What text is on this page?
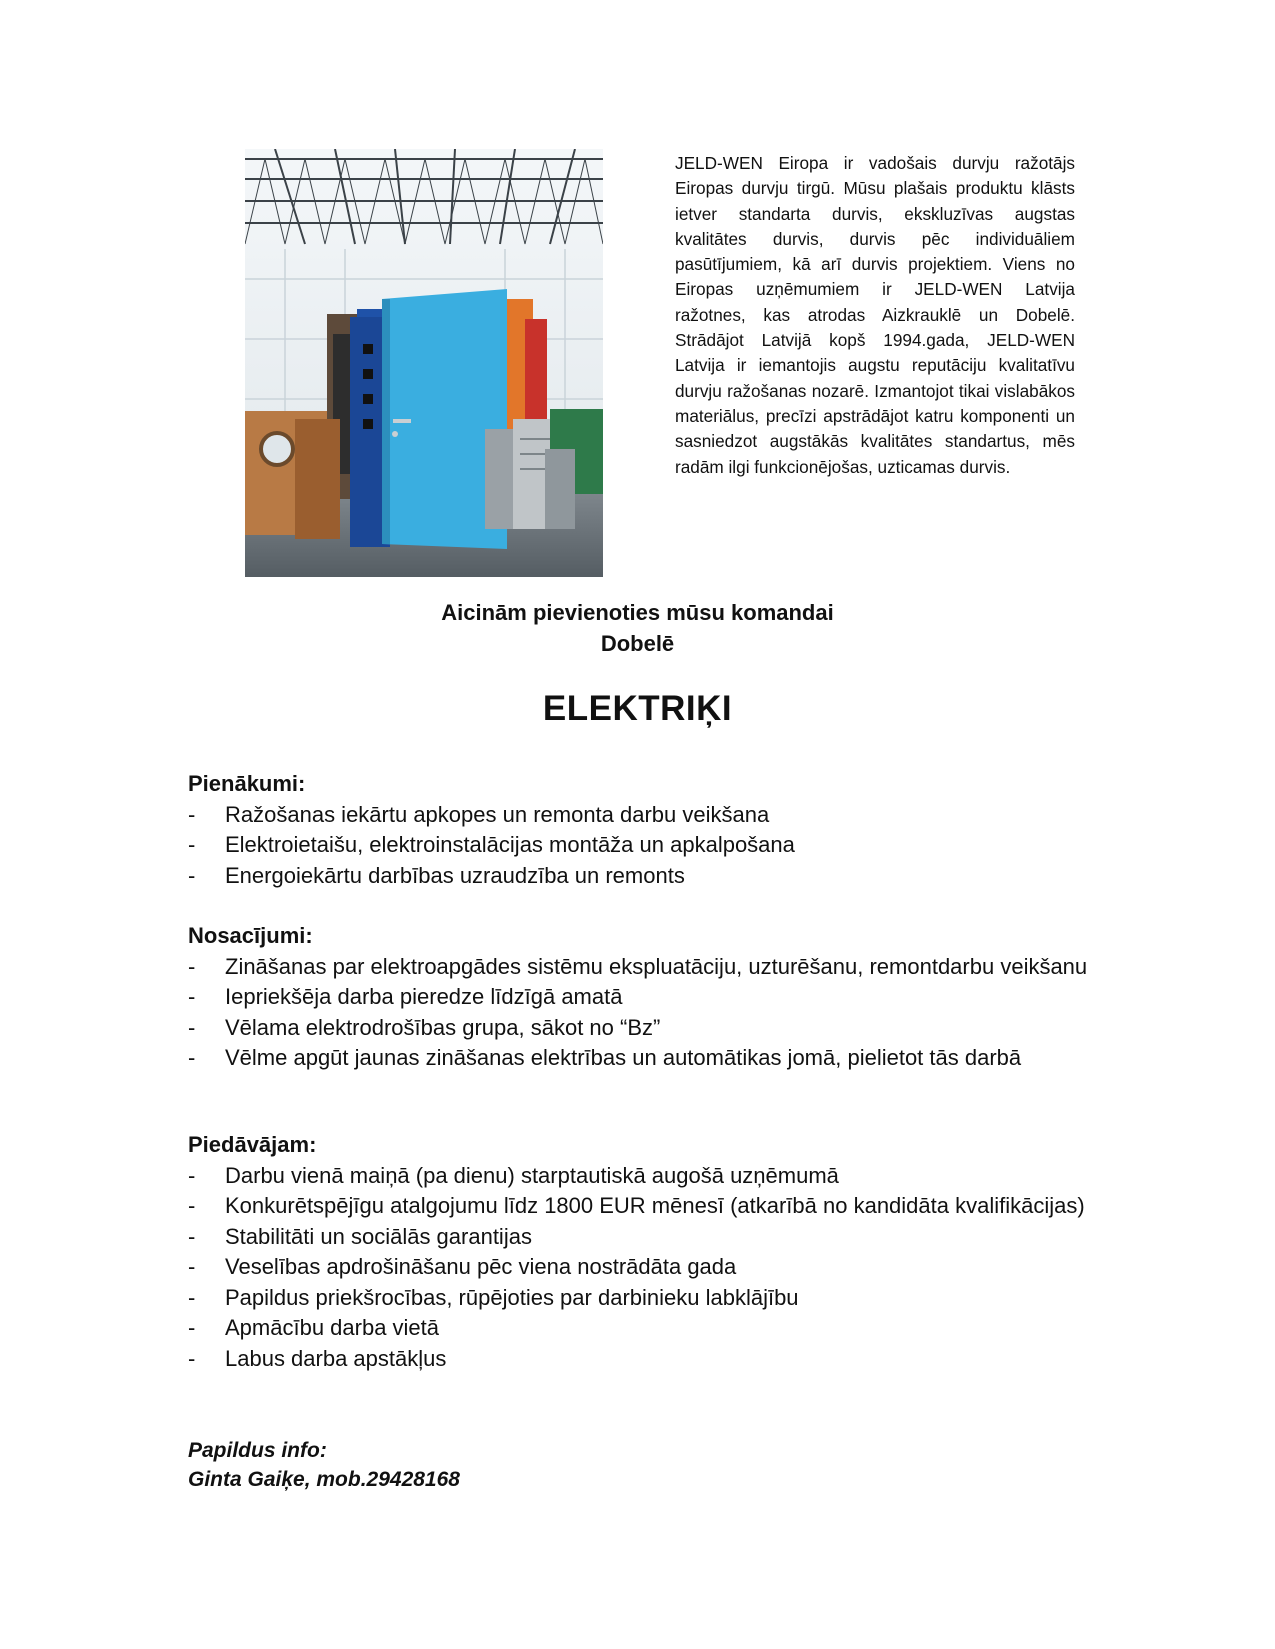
JELD-WEN Eiropa ir vadošais durvju ražotājs Eiropas durvju tirgū. Mūsu plašais produktu klāsts ietver standarta durvis, ekskluzīvas augstas kvalitātes durvis, durvis pēc individuāliem pasūtījumiem, kā arī durvis projektiem. Viens no Eiropas uzņēmumiem ir JELD-WEN Latvija ražotnes, kas atrodas Aizkrauklē un Dobelē. Strādājot Latvijā kopš 1994.gada, JELD-WEN Latvija ir iemantojis augstu reputāciju kvalitatīvu durvju ražošanas nozarē. Izmantojot tikai vislabākos materiālus, precīzi apstrādājot katru komponenti un sasniedzot augstākās kvalitātes standartus, mēs radām ilgi funkcionējošas, uzticamas durvis.
Aicinām pievienoties mūsu komandai
Dobelē
ELEKTRIĶI
Pienākumi:
- Ražošanas iekārtu apkopes un remonta darbu veikšana
- Elektroietaišu, elektroinstalācijas montāža un apkalpošana
- Energoiekārtu darbības uzraudzība un remonts
Nosacījumi:
- Zināšanas par elektroapgādes sistēmu ekspluatāciju, uzturēšanu, remontdarbu veikšanu
- Iepriekšēja darba pieredze līdzīgā amatā
- Vēlama elektrodrošības grupa, sākot no “Bz”
- Vēlme apgūt jaunas zināšanas elektrības un automātikas jomā, pielietot tās darbā
Piedāvājam:
- Darbu vienā maiņā (pa dienu) starptautiskā augošā uzņēmumā
- Konkurētspējīgu atalgojumu līdz 1800 EUR mēnesī (atkarībā no kandidāta kvalifikācijas)
- Stabilitāti un sociālās garantijas
- Veselības apdrošināšanu pēc viena nostrādāta gada
- Papildus priekšrocības, rūpējoties par darbinieku labklājību
- Apmācību darba vietā
- Labus darba apstākļus
Papildus info:
Ginta Gaiķe, mob.29428168
